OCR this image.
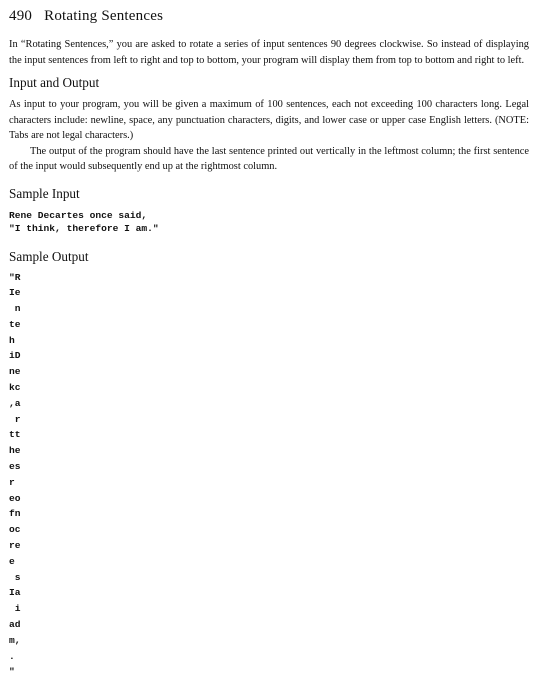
490 Rotating Sentences

In “Rotating Sentences,” you are asked to rotate a series of input sentences 90 degrees clockwise. So instead of displaying the input sentences from left to right and top to bottom, your program will display them from top to bottom and right to left.

Input and Output

As input to your program, you will be given a maximum of 100 sentences, each not exceeding 100 characters long. Legal characters include: newline, space, any punctuation characters, digits, and lower case or upper case English letters. (NOTE: Tabs are not legal characters.)

The output of the program should have the last sentence printed out vertically in the leftmost column; the first sentence of the input would subsequently end up at the rightmost column.

Sample Input
Rene Decartes once said,
"I think, therefore I am."
Sample Output
"R
Ie
n
te
h
iD
ne
kc
,a
r
tt
he
es
r
eo
fn
oc
re
e
s
Ia
i
ad
m,
.
"
